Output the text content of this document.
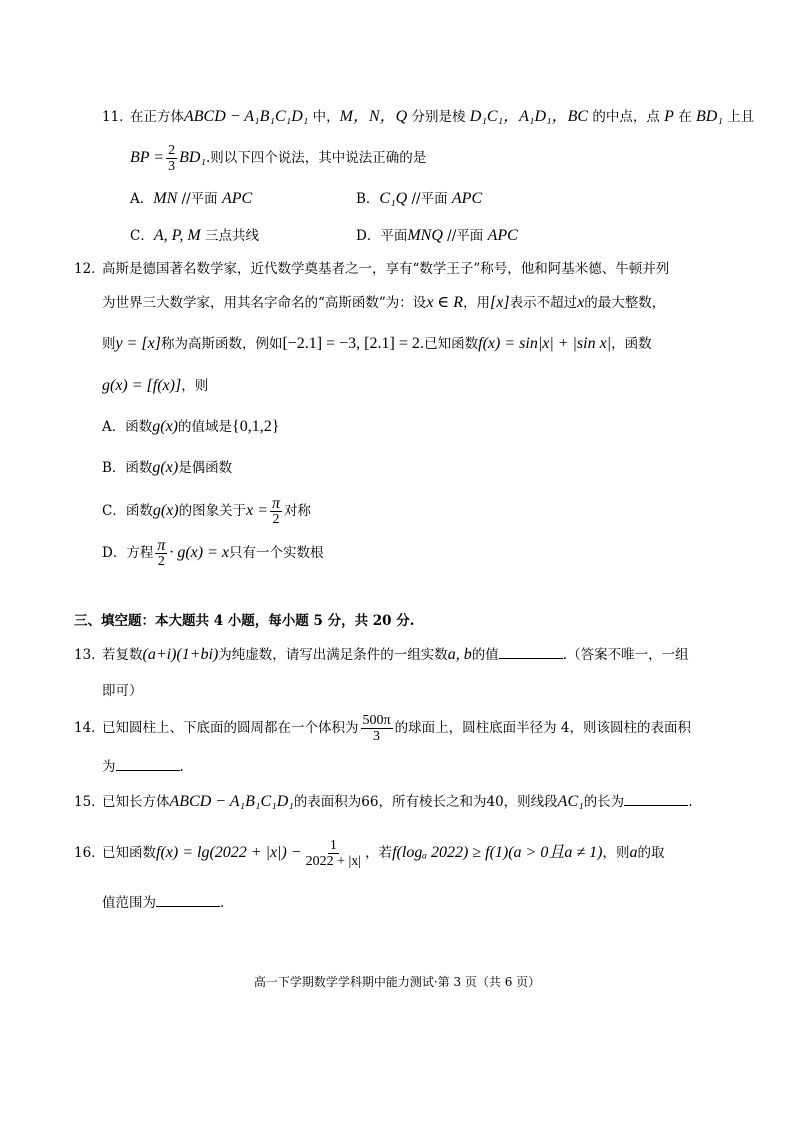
11．在正方体ABCD − A₁B₁C₁D₁ 中，M，N，Q 分别是棱 D₁C₁，A₁D₁，BC 的中点，点 P 在 BD₁ 上且
BP = $\frac{2}{3} BD_1$.则以下四个说法，其中说法正确的是
A．MN //平面 APC	B．C₁Q //平面 APC
C．A, P, M 三点共线	D．平面MNQ //平面 APC
12．高斯是德国著名数学家，近代数学奠基者之一，享有“数学王子”称号，他和阿基米德、牛顿并列
为世界三大数学家，用其名字命名的“高斯函数”为：设x ∈ R，用[x]表示不超过x的最大整数，
则y = [x]称为高斯函数，例如[−2.1] = −3, [2.1] = 2.已知函数f(x) = sin|x| + |sin x|，函数
g(x) = [f(x)]，则
A．函数g(x)的值域是{0,1,2}
B．函数g(x)是偶函数
C．函数g(x)的图象关于$x = \frac{\pi}{2}$ 对称
D．方程 $\frac{\pi}{2} \cdot g(x) = x$只有一个实数根
三、填空题：本大题共 4 小题，每小题 5 分，共 20 分.
13．若复数(a+i)(1+bi)为纯虚数，请写出满足条件的一组实数a, b的值	.（答案不唯一，一组
即可）
14．已知圆柱上、下底面的圆周都在一个体积为 $\frac{500\pi}{3}$ 的球面上，圆柱底面半径为 4，则该圆柱的表面积
为	.
15．已知长方体ABCD − A₁B₁C₁D₁的表面积为66，所有棱长之和为40，则线段AC₁的长为	.
16．已知函数$f(x) = \lg(2022 + |x|) - \frac{1}{2022 + |x|}$ ，若f(logₐ 2022) ≥ f(1)(a > 0且a ≠ 1)，则a的取
值范围为	.
高一下学期数学学科期中能力测试·第 3 页（共 6 页）
